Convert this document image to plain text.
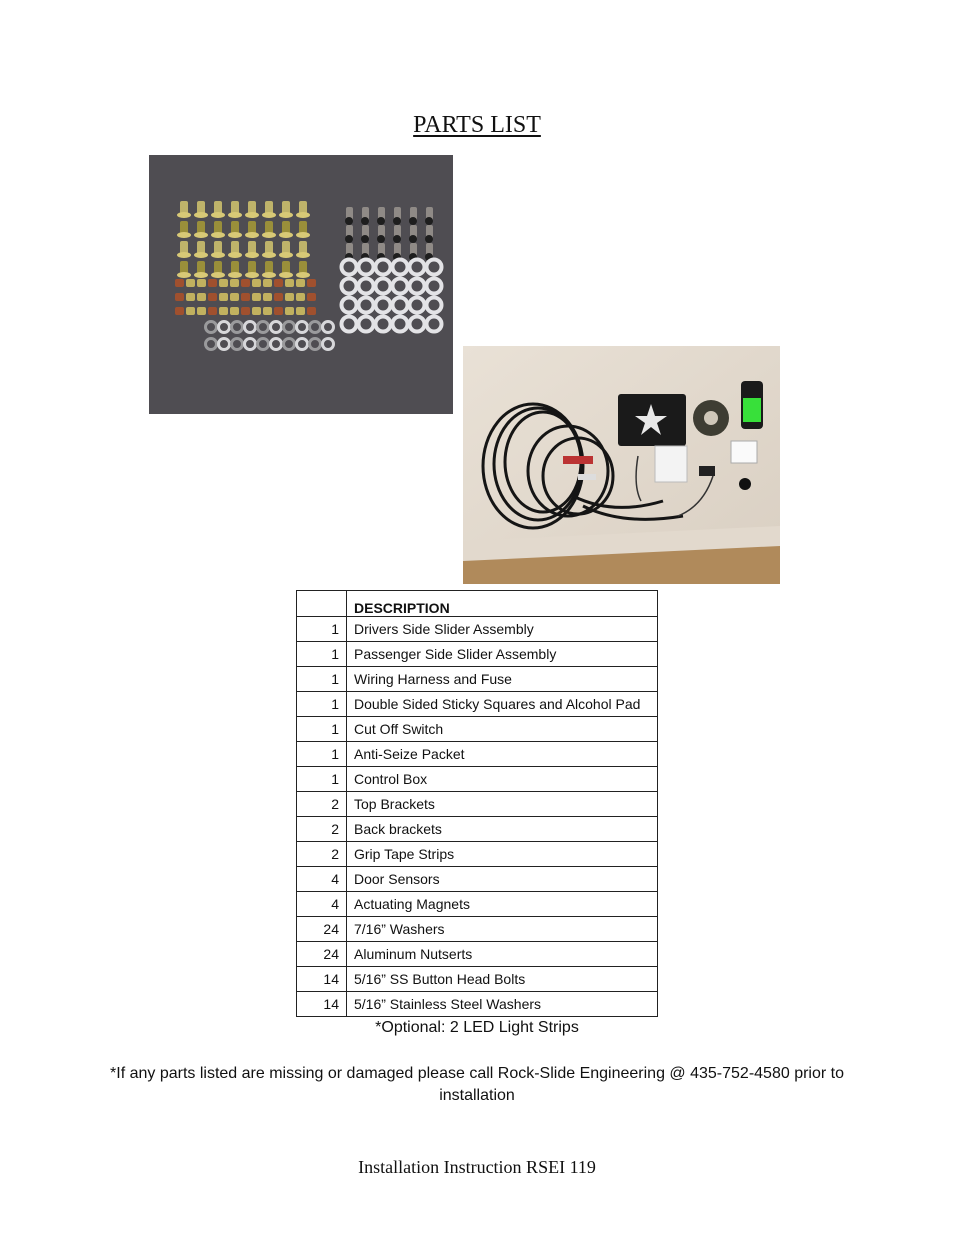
PARTS LIST
	DESCRIPTION
1	Drivers Side Slider Assembly
1	Passenger Side Slider Assembly
1	Wiring Harness and Fuse
1	Double Sided Sticky Squares and Alcohol Pad
1	Cut Off Switch
1	Anti-Seize Packet
1	Control Box
2	Top Brackets
2	Back brackets
2	Grip Tape Strips
4	Door Sensors
4	Actuating Magnets
24	7/16” Washers
24	Aluminum Nutserts
14	5/16” SS Button Head Bolts
14	5/16” Stainless Steel Washers
*Optional: 2 LED Light Strips
*If any parts listed are missing or damaged please call Rock-Slide Engineering @ 435-752-4580 prior to installation
Installation Instruction RSEI 119
